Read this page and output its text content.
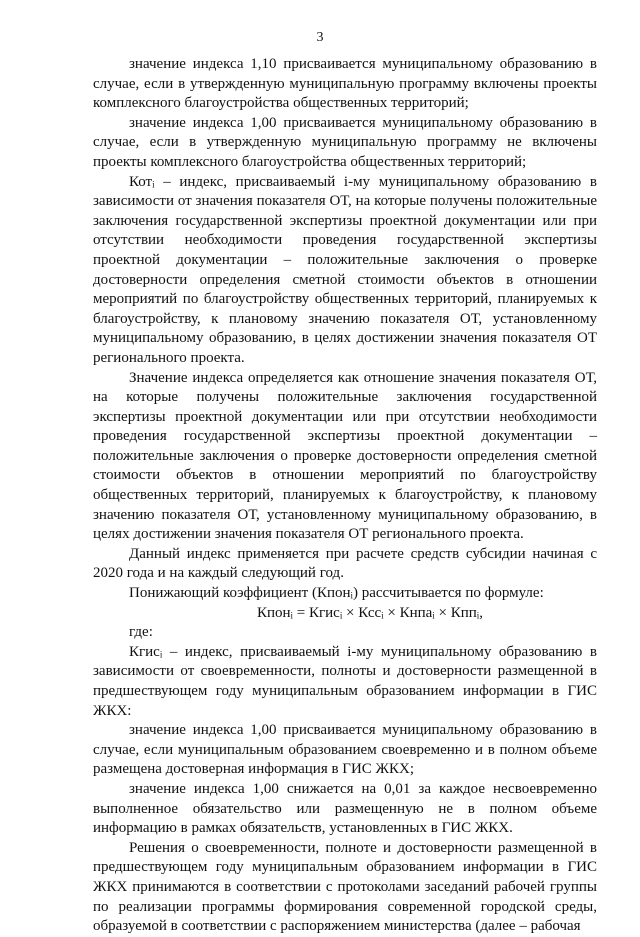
3

значение индекса 1,10 присваивается муниципальному образованию в случае, если в утвержденную муниципальную программу включены проекты комплексного благоустройства общественных территорий;

значение индекса 1,00 присваивается муниципальному образованию в случае, если в утвержденную муниципальную программу не включены проекты комплексного благоустройства общественных территорий;

Котᵢ – индекс, присваиваемый i-му муниципальному образованию в зависимости от значения показателя ОТ, на которые получены положительные заключения государственной экспертизы проектной документации или при отсутствии необходимости проведения государственной экспертизы проектной документации – положительные заключения о проверке достоверности определения сметной стоимости объектов в отношении мероприятий по благоустройству общественных территорий, планируемых к благоустройству, к плановому значению показателя ОТ, установленному муниципальному образованию, в целях достижении значения показателя ОТ регионального проекта.

Значение индекса определяется как отношение значения показателя ОТ, на которые получены положительные заключения государственной экспертизы проектной документации или при отсутствии необходимости проведения государственной экспертизы проектной документации – положительные заключения о проверке достоверности определения сметной стоимости объектов в отношении мероприятий по благоустройству общественных территорий, планируемых к благоустройству, к плановому значению показателя ОТ, установленному муниципальному образованию, в целях достижении значения показателя ОТ регионального проекта.

Данный индекс применяется при расчете средств субсидии начиная с 2020 года и на каждый следующий год.

Понижающий коэффициент (Кпонᵢ) рассчитывается по формуле:

Кпонᵢ = Кгисᵢ × Кссᵢ × Кнпаᵢ × Кппᵢ,

где:

Кгисᵢ – индекс, присваиваемый i-му муниципальному образованию в зависимости от своевременности, полноты и достоверности размещенной в предшествующем году муниципальным образованием информации в ГИС ЖКХ:

значение индекса 1,00 присваивается муниципальному образованию в случае, если муниципальным образованием своевременно и в полном объеме размещена достоверная информация в ГИС ЖКХ;

значение индекса 1,00 снижается на 0,01 за каждое несвоевременно выполненное обязательство или размещенную не в полном объеме информацию в рамках обязательств, установленных в ГИС ЖКХ.

Решения о своевременности, полноте и достоверности размещенной в предшествующем году муниципальным образованием информации в ГИС ЖКХ принимаются в соответствии с протоколами заседаний рабочей группы по реализации программы формирования современной городской среды, образуемой в соответствии с распоряжением министерства (далее – рабочая
